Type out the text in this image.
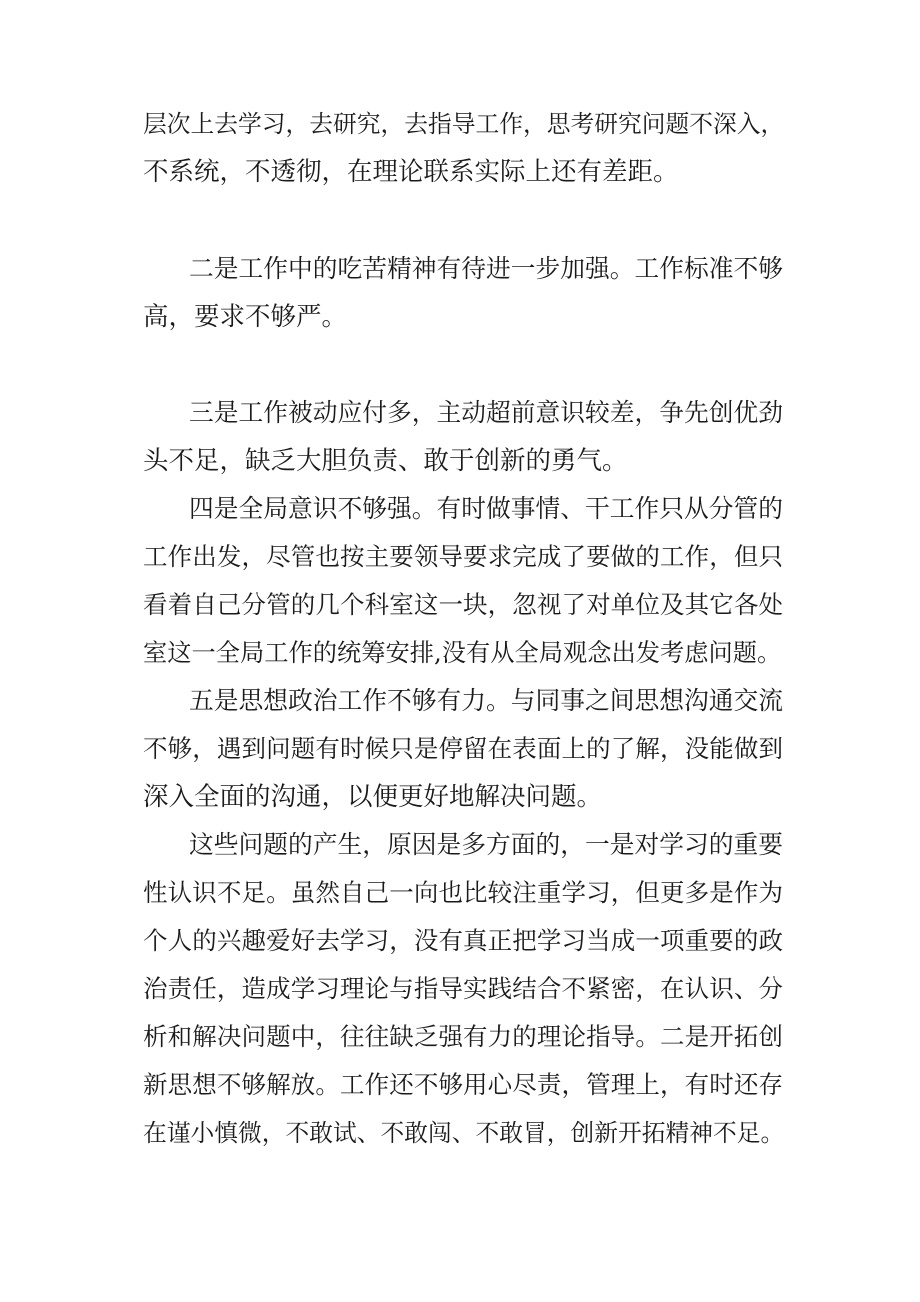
层次上去学习，去研究，去指导工作，思考研究问题不深入，
不系统，不透彻，在理论联系实际上还有差距。
二是工作中的吃苦精神有待进一步加强。工作标准不够
高，要求不够严。
三是工作被动应付多，主动超前意识较差，争先创优劲
头不足，缺乏大胆负责、敢于创新的勇气。
四是全局意识不够强。有时做事情、干工作只从分管的
工作出发，尽管也按主要领导要求完成了要做的工作，但只
看着自己分管的几个科室这一块，忽视了对单位及其它各处
室这一全局工作的统筹安排,没有从全局观念出发考虑问题。
五是思想政治工作不够有力。与同事之间思想沟通交流
不够，遇到问题有时候只是停留在表面上的了解，没能做到
深入全面的沟通，以便更好地解决问题。
这些问题的产生，原因是多方面的，一是对学习的重要
性认识不足。虽然自己一向也比较注重学习，但更多是作为
个人的兴趣爱好去学习，没有真正把学习当成一项重要的政
治责任，造成学习理论与指导实践结合不紧密，在认识、分
析和解决问题中，往往缺乏强有力的理论指导。二是开拓创
新思想不够解放。工作还不够用心尽责，管理上，有时还存
在谨小慎微，不敢试、不敢闯、不敢冒，创新开拓精神不足。
